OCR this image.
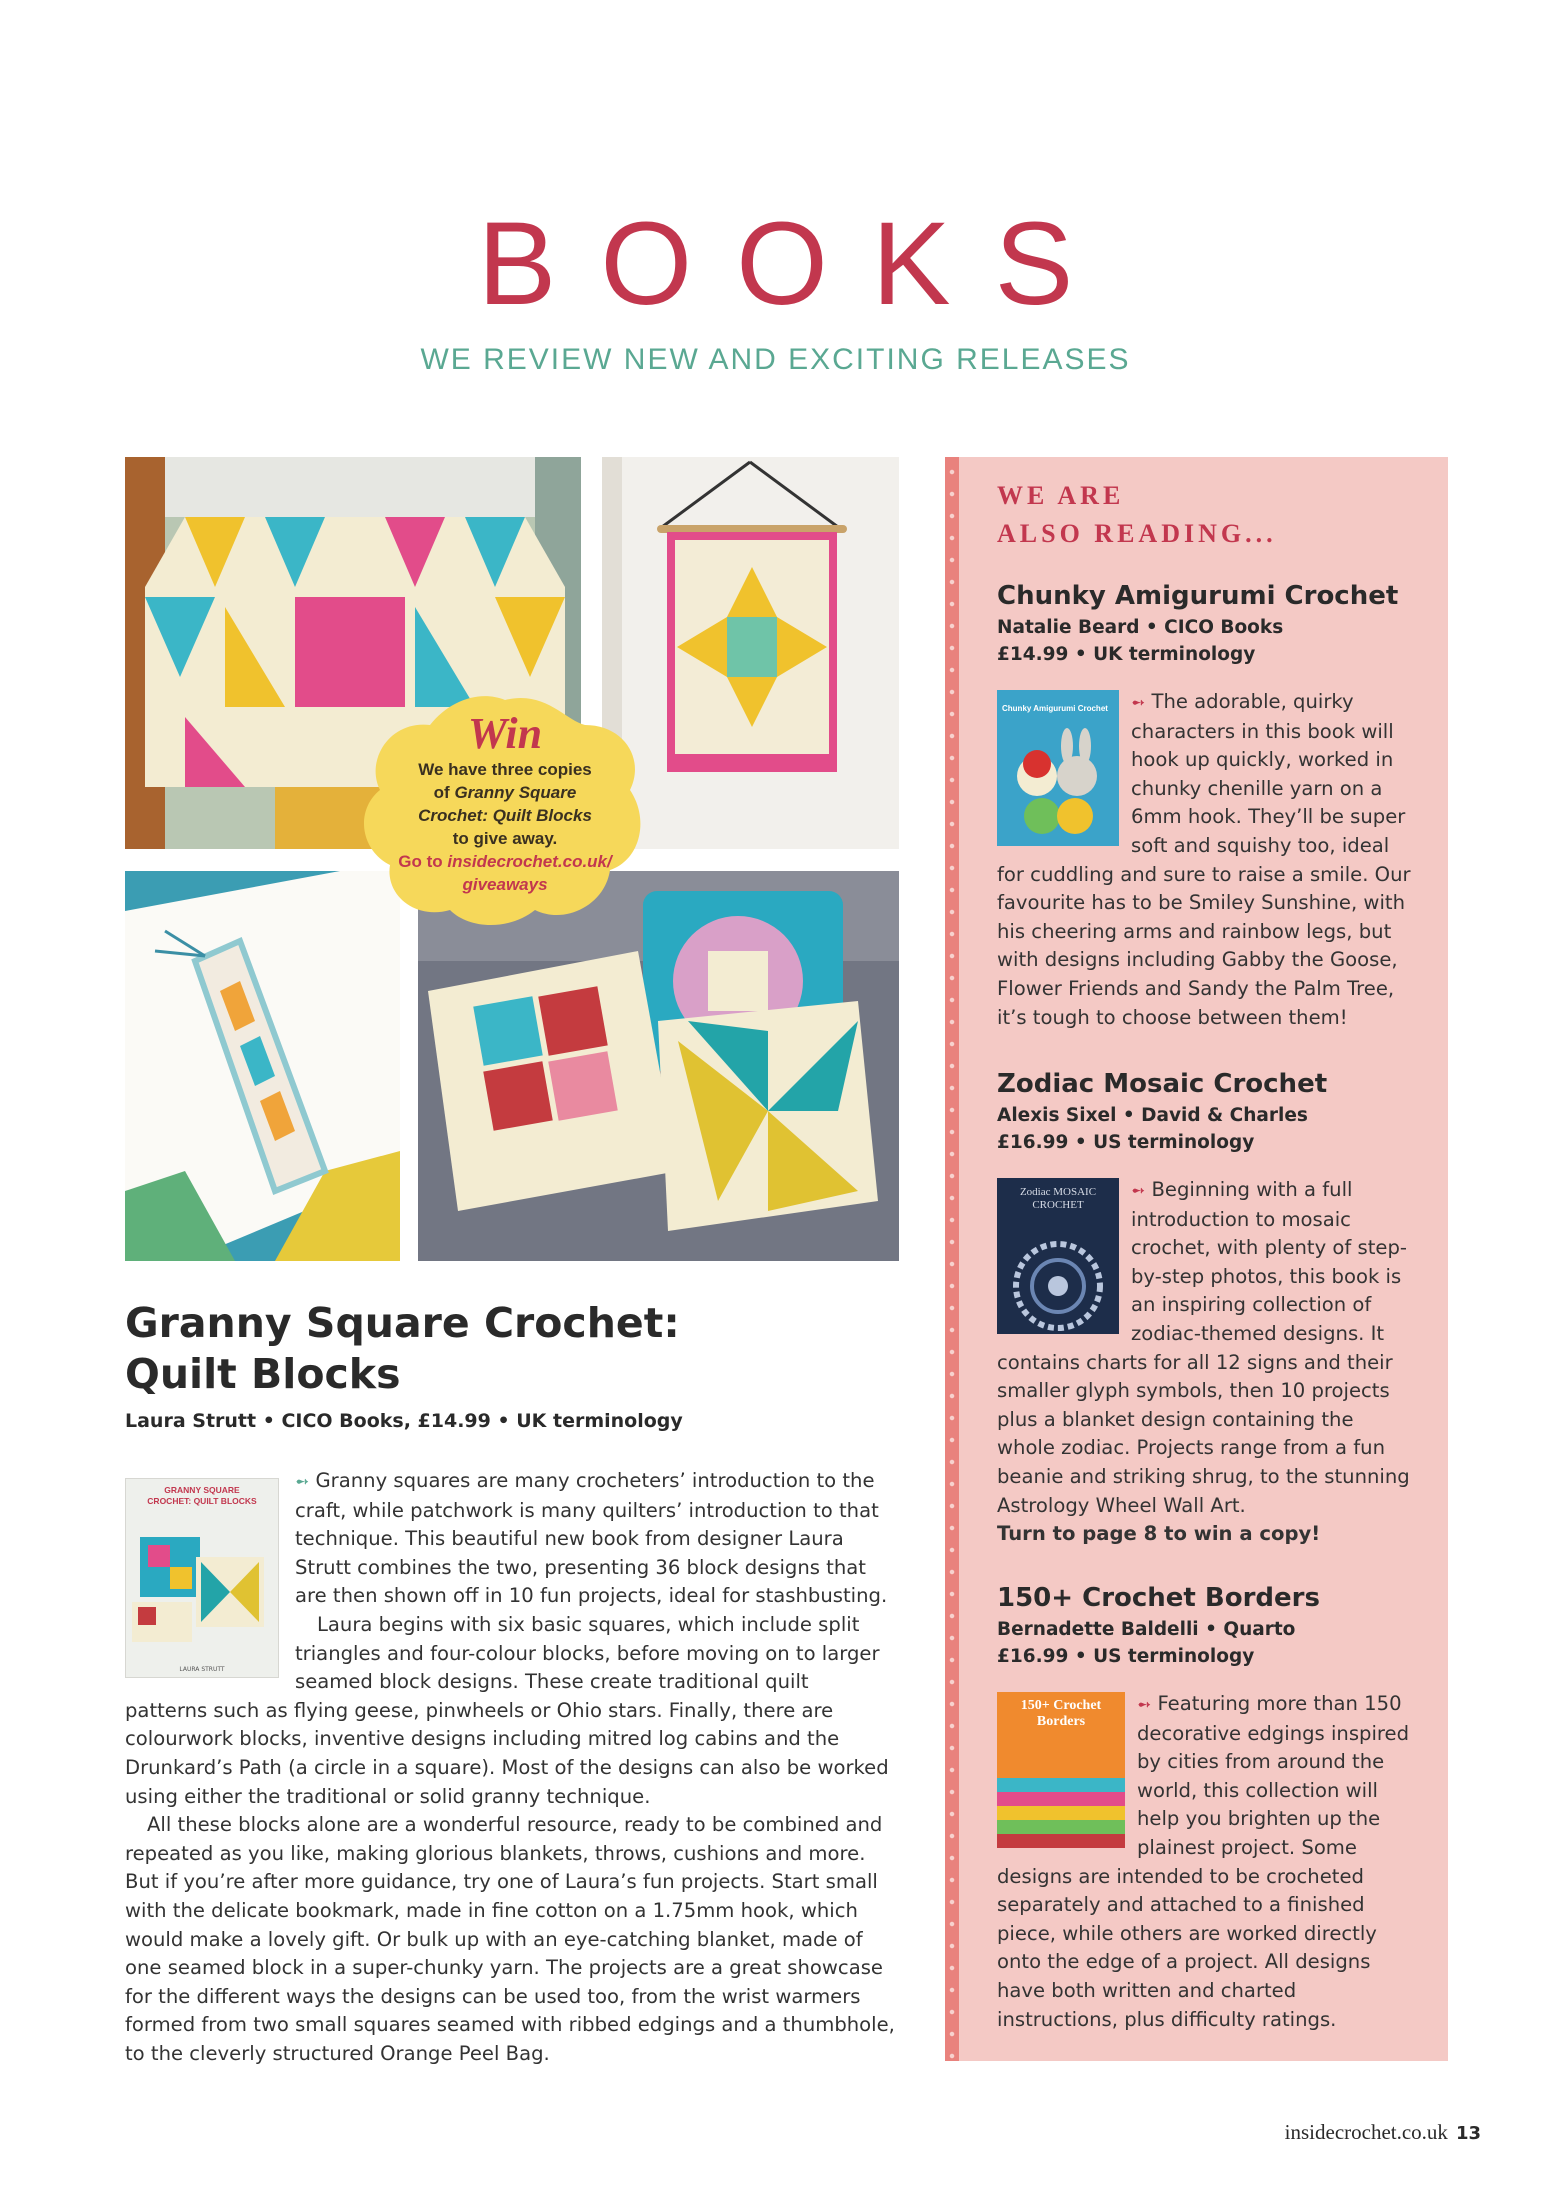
BOOKS
WE REVIEW NEW AND EXCITING RELEASES
Win
We have three copies
of Granny Square
Crochet: Quilt Blocks
to give away.
Go to insidecrochet.co.uk/
giveaways
Granny Square Crochet:
Quilt Blocks
Laura Strutt • CICO Books, £14.99 • UK terminology
GRANNY SQUARE
CROCHET: QUILT BLOCKS
LAURA STRUTT

➻ Granny squares are many crocheters’ introduction to the craft, while patchwork is many quilters’ introduction to that technique. This beautiful new book from designer Laura Strutt combines the two, presenting 36 block designs that are then shown off in 10 fun projects, ideal for stashbusting.

Laura begins with six basic squares, which include split triangles and four-colour blocks, before moving on to larger seamed block designs. These create traditional quilt patterns such as flying geese, pinwheels or Ohio stars. Finally, there are colourwork blocks, inventive designs including mitred log cabins and the Drunkard’s Path (a circle in a square). Most of the designs can also be worked using either the traditional or solid granny technique.

All these blocks alone are a wonderful resource, ready to be combined and repeated as you like, making glorious blankets, throws, cushions and more. But if you’re after more guidance, try one of Laura’s fun projects. Start small with the delicate bookmark, made in fine cotton on a 1.75mm hook, which would make a lovely gift. Or bulk up with an eye-catching blanket, made of one seamed block in a super-chunky yarn. The projects are a great showcase for the different ways the designs can be used too, from the wrist warmers formed from two small squares seamed with ribbed edgings and a thumbhole, to the cleverly structured Orange Peel Bag.

WE ARE
ALSO READING...
Chunky Amigurumi Crochet
Natalie Beard • CICO Books
£14.99 • UK terminology
Chunky Amigurumi Crochet	➻ The adorable, quirky characters in this book will hook up quickly, worked in chunky chenille yarn on a 6mm hook. They’ll be super soft and squishy too, ideal for cuddling and sure to raise a smile. Our favourite has to be Smiley Sunshine, with his cheering arms and rainbow legs, but with designs including Gabby the Goose, Flower Friends and Sandy the Palm Tree, it’s tough to choose between them!
Zodiac Mosaic Crochet
Alexis Sixel • David & Charles
£16.99 • US terminology
Zodiac MOSAIC CROCHET
➻ Beginning with a full introduction to mosaic crochet, with plenty of step-by-step photos, this book is an inspiring collection of zodiac-themed designs. It contains charts for all 12 signs and their smaller glyph symbols, then 10 projects plus a blanket design containing the whole zodiac. Projects range from a fun beanie and striking shrug, to the stunning Astrology Wheel Wall Art.
Turn to page 8 to win a copy!
150+ Crochet Borders
Bernadette Baldelli • Quarto
£16.99 • US terminology
150+ Crochet Borders
➻ Featuring more than 150 decorative edgings inspired by cities from around the world, this collection will help you brighten up the plainest project. Some designs are intended to be crocheted separately and attached to a finished piece, while others are worked directly onto the edge of a project. All designs have both written and charted instructions, plus difficulty ratings.
insidecrochet.co.uk 13
